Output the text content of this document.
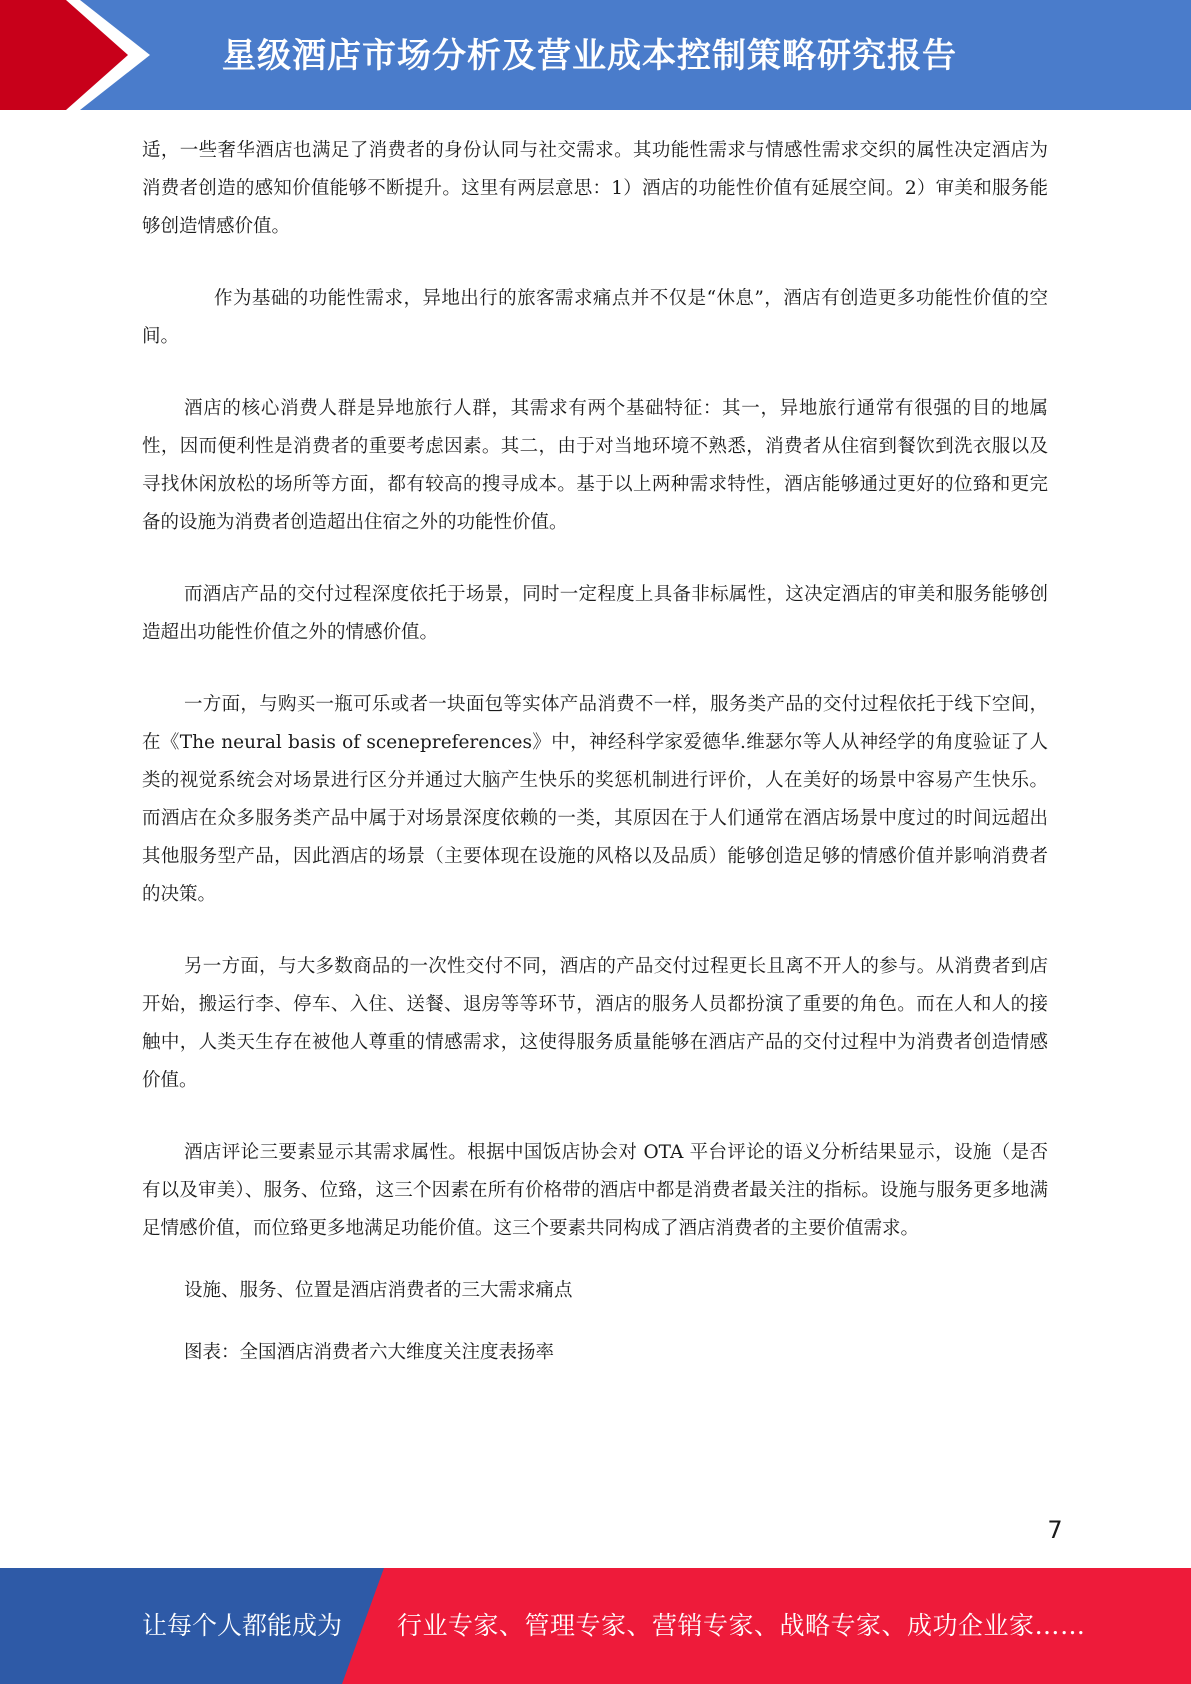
星级酒店市场分析及营业成本控制策略研究报告

适，一些奢华酒店也满足了消费者的身份认同与社交需求。其功能性需求与情感性需求交织的属性决定酒店为消费者创造的感知价值能够不断提升。这里有两层意思：1）酒店的功能性价值有延展空间。2）审美和服务能够创造情感价值。

作为基础的功能性需求，异地出行的旅客需求痛点并不仅是“休息”，酒店有创造更多功能性价值的空间。

酒店的核心消费人群是异地旅行人群，其需求有两个基础特征：其一，异地旅行通常有很强的目的地属性，因而便利性是消费者的重要考虑因素。其二，由于对当地环境不熟悉，消费者从住宿到餐饮到洗衣服以及寻找休闲放松的场所等方面，都有较高的搜寻成本。基于以上两种需求特性，酒店能够通过更好的位臵和更完备的设施为消费者创造超出住宿之外的功能性价值。

而酒店产品的交付过程深度依托于场景，同时一定程度上具备非标属性，这决定酒店的审美和服务能够创造超出功能性价值之外的情感价值。

一方面，与购买一瓶可乐或者一块面包等实体产品消费不一样，服务类产品的交付过程依托于线下空间，在《The neural basis of scenepreferences》中，神经科学家爱德华.维瑟尔等人从神经学的角度验证了人类的视觉系统会对场景进行区分并通过大脑产生快乐的奖惩机制进行评价，人在美好的场景中容易产生快乐。而酒店在众多服务类产品中属于对场景深度依赖的一类，其原因在于人们通常在酒店场景中度过的时间远超出其他服务型产品，因此酒店的场景（主要体现在设施的风格以及品质）能够创造足够的情感价值并影响消费者的决策。

另一方面，与大多数商品的一次性交付不同，酒店的产品交付过程更长且离不开人的参与。从消费者到店开始，搬运行李、停车、入住、送餐、退房等等环节，酒店的服务人员都扮演了重要的角色。而在人和人的接触中，人类天生存在被他人尊重的情感需求，这使得服务质量能够在酒店产品的交付过程中为消费者创造情感价值。

酒店评论三要素显示其需求属性。根据中国饭店协会对 OTA 平台评论的语义分析结果显示，设施（是否有以及审美）、服务、位臵，这三个因素在所有价格带的酒店中都是消费者最关注的指标。设施与服务更多地满足情感价值，而位臵更多地满足功能价值。这三个要素共同构成了酒店消费者的主要价值需求。

设施、服务、位置是酒店消费者的三大需求痛点

图表：全国酒店消费者六大维度关注度表扬率

7
让每个人都能成为 行业专家、管理专家、营销专家、战略专家、成功企业家……
